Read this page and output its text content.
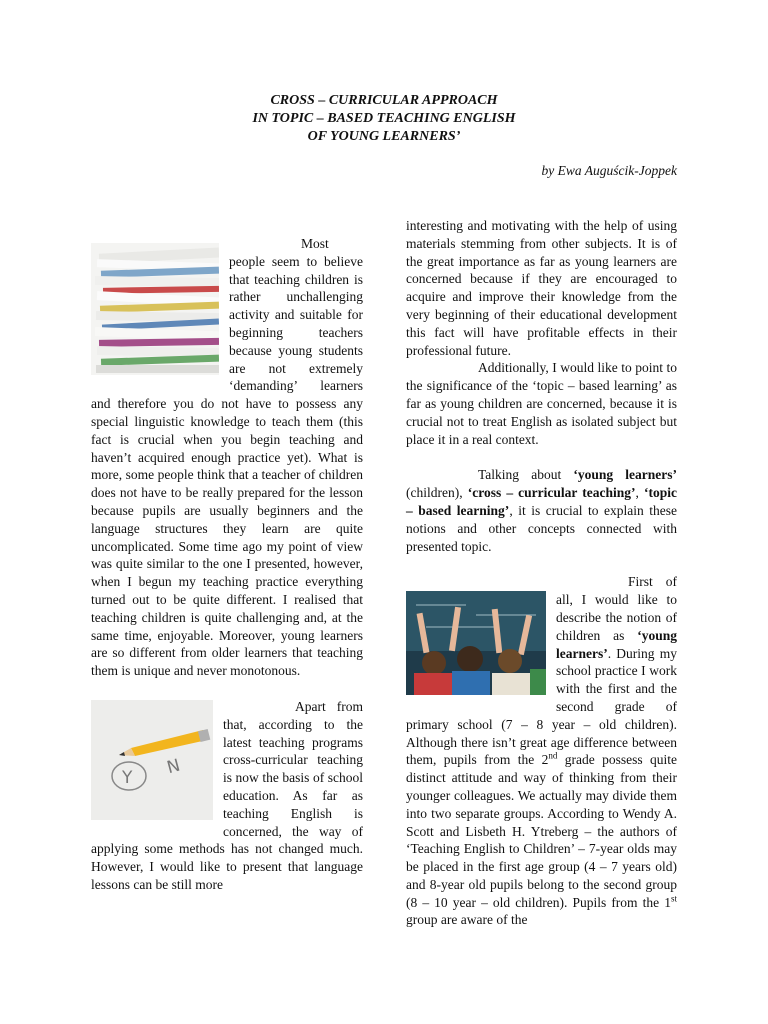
CROSS – CURRICULAR APPROACH
IN TOPIC – BASED TEACHING ENGLISH
OF YOUNG LEARNERS’
by Ewa Auguścik-Joppek

Most people seem to believe that teaching children is rather unchallenging activity and suitable for beginning teachers because young students are not extremely ‘demanding’ learners and therefore you do not have to possess any special linguistic knowledge to teach them (this fact is crucial when you begin teaching and haven’t acquired enough practice yet). What is more, some people think that a teacher of children does not have to be really prepared for the lesson because pupils are usually beginners and the language structures they learn are quite uncomplicated. Some time ago my point of view was quite similar to the one I presented, however, when I begun my teaching practice everything turned out to be quite different. I realised that teaching children is quite challenging and, at the same time, enjoyable. Moreover, young learners are so different from older learners that teaching them is unique and never monotonous.

Y N

Apart from that, according to the latest teaching programs cross-curricular teaching is now the basis of school education. As far as teaching English is concerned, the way of applying some methods has not changed much. However, I would like to present that language lessons can be still more

interesting and motivating with the help of using materials stemming from other subjects. It is of the great importance as far as young learners are concerned because if they are encouraged to acquire and improve their knowledge from the very beginning of their educational development this fact will have profitable effects in their professional future.

Additionally, I would like to point to the significance of the ‘topic – based learning’ as far as young children are concerned, because it is crucial not to treat English as isolated subject but place it in a real context.

Talking about ‘young learners’ (children), ‘cross – curricular teaching’, ‘topic – based learning’, it is crucial to explain these notions and other concepts connected with presented topic.

First of all, I would like to describe the notion of children as ‘young learners’. During my school practice I work with the first and the second grade of primary school (7 – 8 year – old children). Although there isn’t great age difference between them, pupils from the 2nd grade possess quite distinct attitude and way of thinking from their younger colleagues. We actually may divide them into two separate groups. According to Wendy A. Scott and Lisbeth H. Ytreberg – the authors of ‘Teaching English to Children’ – 7-year olds may be placed in the first age group (4 – 7 years old) and 8-year old pupils belong to the second group (8 – 10 year – old children). Pupils from the 1st group are aware of the
